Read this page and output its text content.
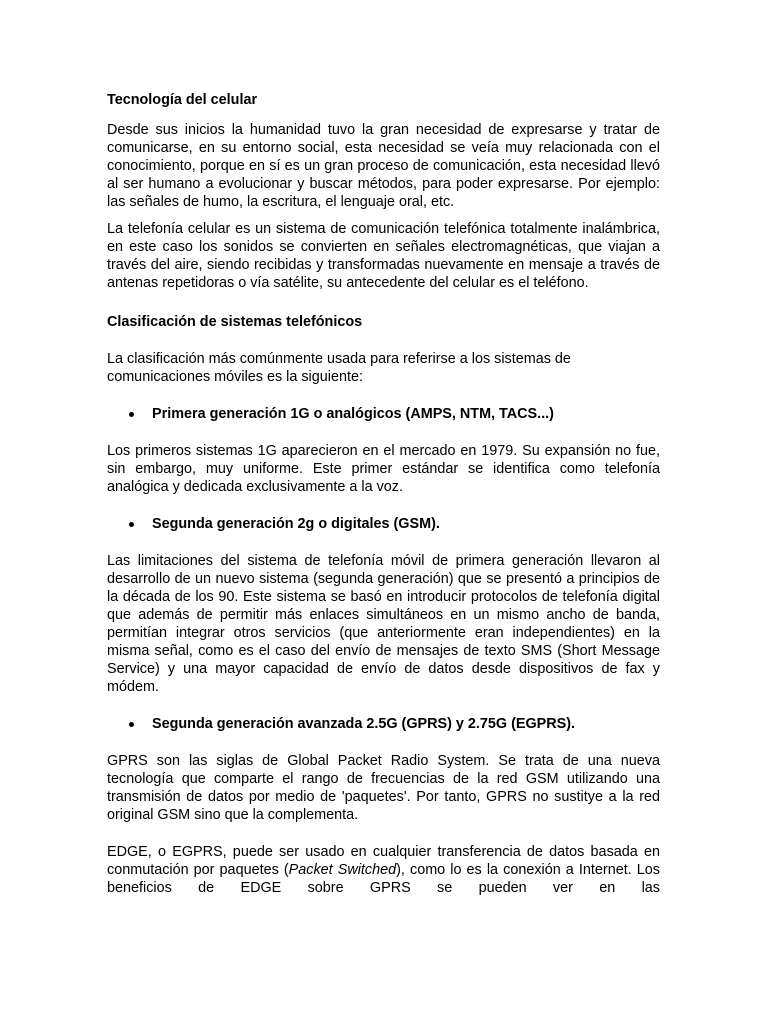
Tecnología del celular

Desde sus inicios la humanidad tuvo la gran necesidad de expresarse y tratar de comunicarse, en su entorno social, esta necesidad se veía muy relacionada con el conocimiento, porque en sí es un gran proceso de comunicación, esta necesidad llevó al ser humano a evolucionar y buscar métodos, para poder expresarse. Por ejemplo: las señales de humo, la escritura, el lenguaje oral, etc.

La telefonía celular es un sistema de comunicación telefónica totalmente inalámbrica, en este caso los sonidos se convierten en señales electromagnéticas, que viajan a través del aire, siendo recibidas y transformadas nuevamente en mensaje a través de antenas repetidoras o vía satélite, su antecedente del celular es el teléfono.

Clasificación de sistemas telefónicos

La clasificación más comúnmente usada para referirse a los sistemas de comunicaciones móviles es la siguiente:

Primera generación 1G o analógicos (AMPS, NTM, TACS...)

Los primeros sistemas 1G aparecieron en el mercado en 1979. Su expansión no fue, sin embargo, muy uniforme. Este primer estándar se identifica como telefonía analógica y dedicada exclusivamente a la voz.

Segunda generación 2g o digitales (GSM).

Las limitaciones del sistema de telefonía móvil de primera generación llevaron al desarrollo de un nuevo sistema (segunda generación) que se presentó a principios de la década de los 90. Este sistema se basó en introducir protocolos de telefonía digital que además de permitir más enlaces simultáneos en un mismo ancho de banda, permitían integrar otros servicios (que anteriormente eran independientes) en la misma señal, como es el caso del envío de mensajes de texto SMS (Short Message Service) y una mayor capacidad de envío de datos desde dispositivos de fax y módem.

Segunda generación avanzada 2.5G (GPRS) y 2.75G (EGPRS).

GPRS son las siglas de Global Packet Radio System. Se trata de una nueva tecnología que comparte el rango de frecuencias de la red GSM utilizando una transmisión de datos por medio de 'paquetes'. Por tanto, GPRS no sustitye a la red original GSM sino que la complementa.

EDGE, o EGPRS, puede ser usado en cualquier transferencia de datos basada en conmutación por paquetes (Packet Switched), como lo es la conexión a Internet. Los beneficios de EDGE sobre GPRS se pueden ver en las
